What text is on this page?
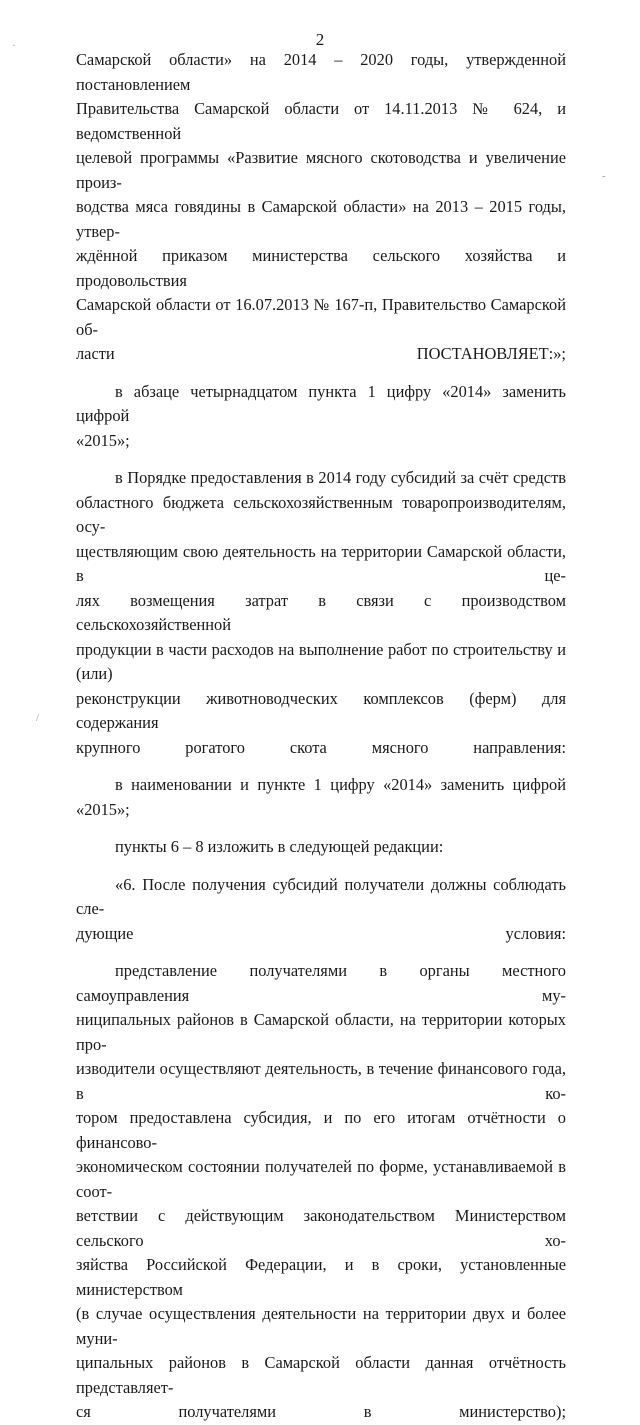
2

Самарской области» на 2014 – 2020 годы, утвержденной постановлением
Правительства Самарской области от 14.11.2013 № 624, и ведомственной
целевой программы «Развитие мясного скотоводства и увеличение произ-
водства мяса говядины в Самарской области» на 2013 – 2015 годы, утвер-
ждённой приказом министерства сельского хозяйства и продовольствия
Самарской области от 16.07.2013 № 167-п, Правительство Самарской об-
ласти ПОСТАНОВЛЯЕТ:»;

в абзаце четырнадцатом пункта 1 цифру «2014» заменить цифрой
«2015»;

в Порядке предоставления в 2014 году субсидий за счёт средств
областного бюджета сельскохозяйственным товаропроизводителям, осу-
ществляющим свою деятельность на территории Самарской области, в це-
лях возмещения затрат в связи с производством сельскохозяйственной
продукции в части расходов на выполнение работ по строительству и (или)
реконструкции животноводческих комплексов (ферм) для содержания
крупного рогатого скота мясного направления:

в наименовании и пункте 1 цифру «2014» заменить цифрой «2015»;

пункты 6 – 8 изложить в следующей редакции:

«6. После получения субсидий получатели должны соблюдать сле-
дующие условия:

представление получателями в органы местного самоуправления му-
ниципальных районов в Самарской области, на территории которых про-
изводители осуществляют деятельность, в течение финансового года, в ко-
тором предоставлена субсидия, и по его итогам отчётности о финансово-
экономическом состоянии получателей по форме, устанавливаемой в соот-
ветствии с действующим законодательством Министерством сельского хо-
зяйства Российской Федерации, и в сроки, установленные министерством
(в случае осуществления деятельности на территории двух и более муни-
ципальных районов в Самарской области данная отчётность представляет-
ся получателями в министерство);

·
-
/
